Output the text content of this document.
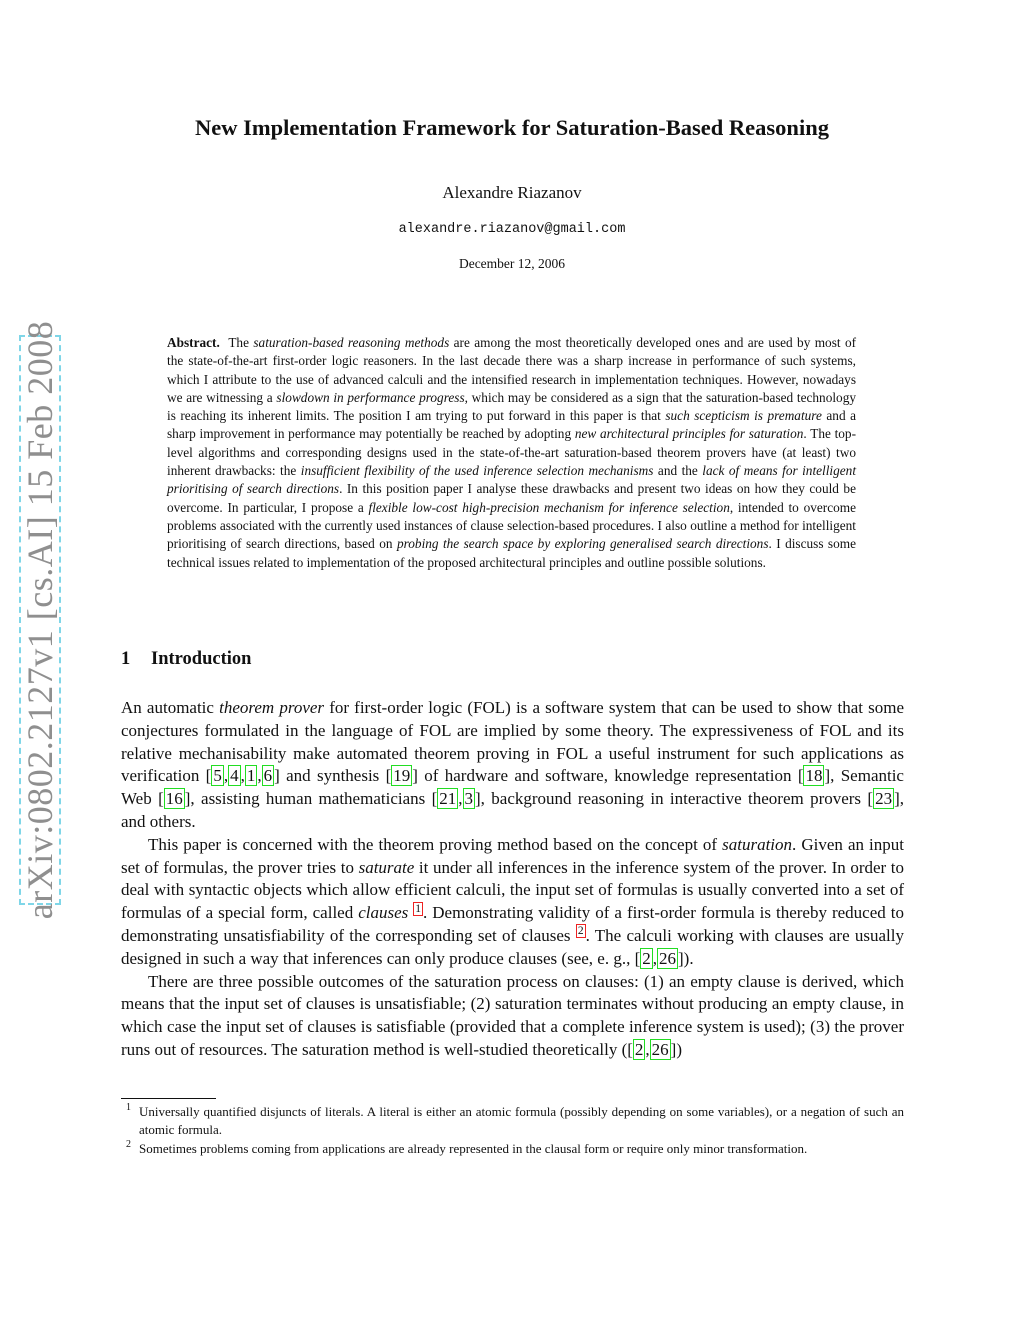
arXiv:0802.2127v1 [cs.AI] 15 Feb 2008
New Implementation Framework for Saturation-Based Reasoning
Alexandre Riazanov
alexandre.riazanov@gmail.com
December 12, 2006
Abstract. The saturation-based reasoning methods are among the most theoretically developed ones and are used by most of the state-of-the-art first-order logic reasoners. In the last decade there was a sharp increase in performance of such systems, which I attribute to the use of advanced calculi and the intensified research in implementation techniques. However, nowadays we are witnessing a slowdown in performance progress, which may be considered as a sign that the saturation-based technology is reaching its inherent limits. The position I am trying to put forward in this paper is that such scepticism is premature and a sharp improvement in performance may potentially be reached by adopting new architectural principles for saturation. The top-level algorithms and corresponding designs used in the state-of-the-art saturation-based theorem provers have (at least) two inherent drawbacks: the insufficient flexibility of the used inference selection mechanisms and the lack of means for intelligent prioritising of search directions. In this position paper I analyse these drawbacks and present two ideas on how they could be overcome. In particular, I propose a flexible low-cost high-precision mechanism for inference selection, intended to overcome problems associated with the currently used instances of clause selection-based procedures. I also outline a method for intelligent prioritising of search directions, based on probing the search space by exploring generalised search directions. I discuss some technical issues related to implementation of the proposed architectural principles and outline possible solutions.
1 Introduction

An automatic theorem prover for first-order logic (FOL) is a software system that can be used to show that some conjectures formulated in the language of FOL are implied by some theory. The expressiveness of FOL and its relative mechanisability make automated theorem proving in FOL a useful instrument for such applications as verification [ 5 , 4 , 1 , 6 ] and synthesis [ 19 ] of hardware and software, knowledge representation [ 18 ], Semantic Web [ 16 ], assisting human mathematicians [ 21 , 3 ], background reasoning in interactive theorem provers [ 23 ], and others.

This paper is concerned with the theorem proving method based on the concept of saturation. Given an input set of formulas, the prover tries to saturate it under all inferences in the inference system of the prover. In order to deal with syntactic objects which allow efficient calculi, the input set of formulas is usually converted into a set of formulas of a special form, called clauses $^1$ . Demonstrating validity of a first-order formula is thereby reduced to demonstrating unsatisfiability of the corresponding set of clauses $^2$ . The calculi working with clauses are usually designed in such a way that inferences can only produce clauses (see, e. g., [ 2 , 26 ]).

There are three possible outcomes of the saturation process on clauses: (1) an empty clause is derived, which means that the input set of clauses is unsatisfiable; (2) saturation terminates without producing an empty clause, in which case the input set of clauses is satisfiable (provided that a complete inference system is used); (3) the prover runs out of resources. The saturation method is well-studied theoretically ([ 2 , 26 ])

1 Universally quantified disjuncts of literals. A literal is either an atomic formula (possibly depending on some variables), or a negation of such an atomic formula.
2 Sometimes problems coming from applications are already represented in the clausal form or require only minor transformation.
